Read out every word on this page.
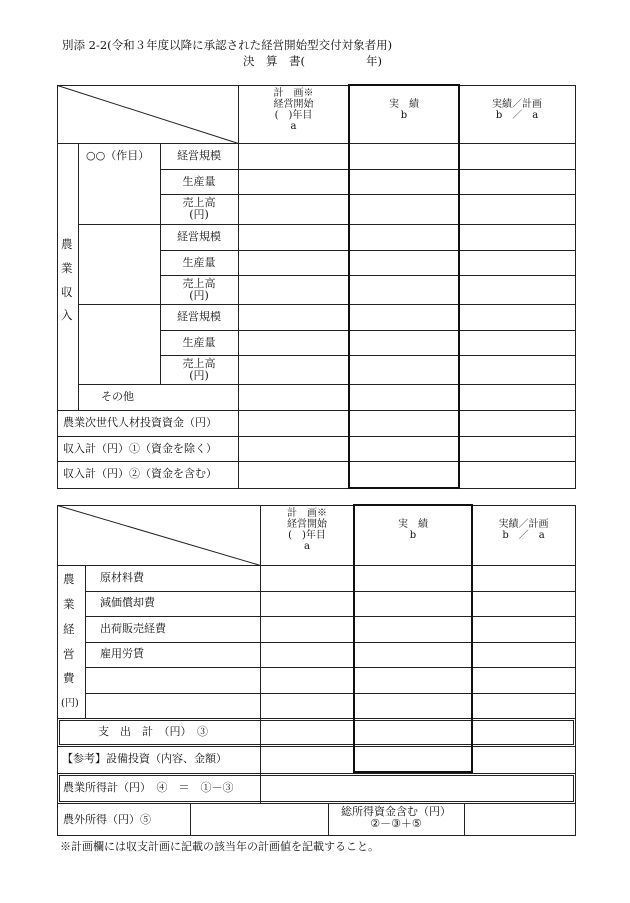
別添 2-2(令和３年度以降に承認された経営開始型交付対象者用)
決　算　書(	年)
計　画※
経営開始
(　)年目
a
実　績
b
実績／計画
b　／　a
○○（作目）	経営規模
生産量
売上高
(円)
経営規模
生産量
売上高
(円)
経営規模
生産量
売上高
(円)
農
業
収
入
その他
農業次世代人材投資資金（円）
収入計（円）①（資金を除く）
収入計（円）②（資金を含む）
計　画※
経営開始
(　)年目
a
実　績
b
実績／計画
b　／　a
農
業
経
営
費
(円)
原材料費
減価償却費
出荷販売経費
雇用労賃
支　出　計　（円）　③
【参考】設備投資（内容、金額）
農業所得計（円）　④　＝　①－③
農外所得（円）⑤
総所得資金含む（円）
②－③＋⑤
※計画欄には収支計画に記載の該当年の計画値を記載すること。
